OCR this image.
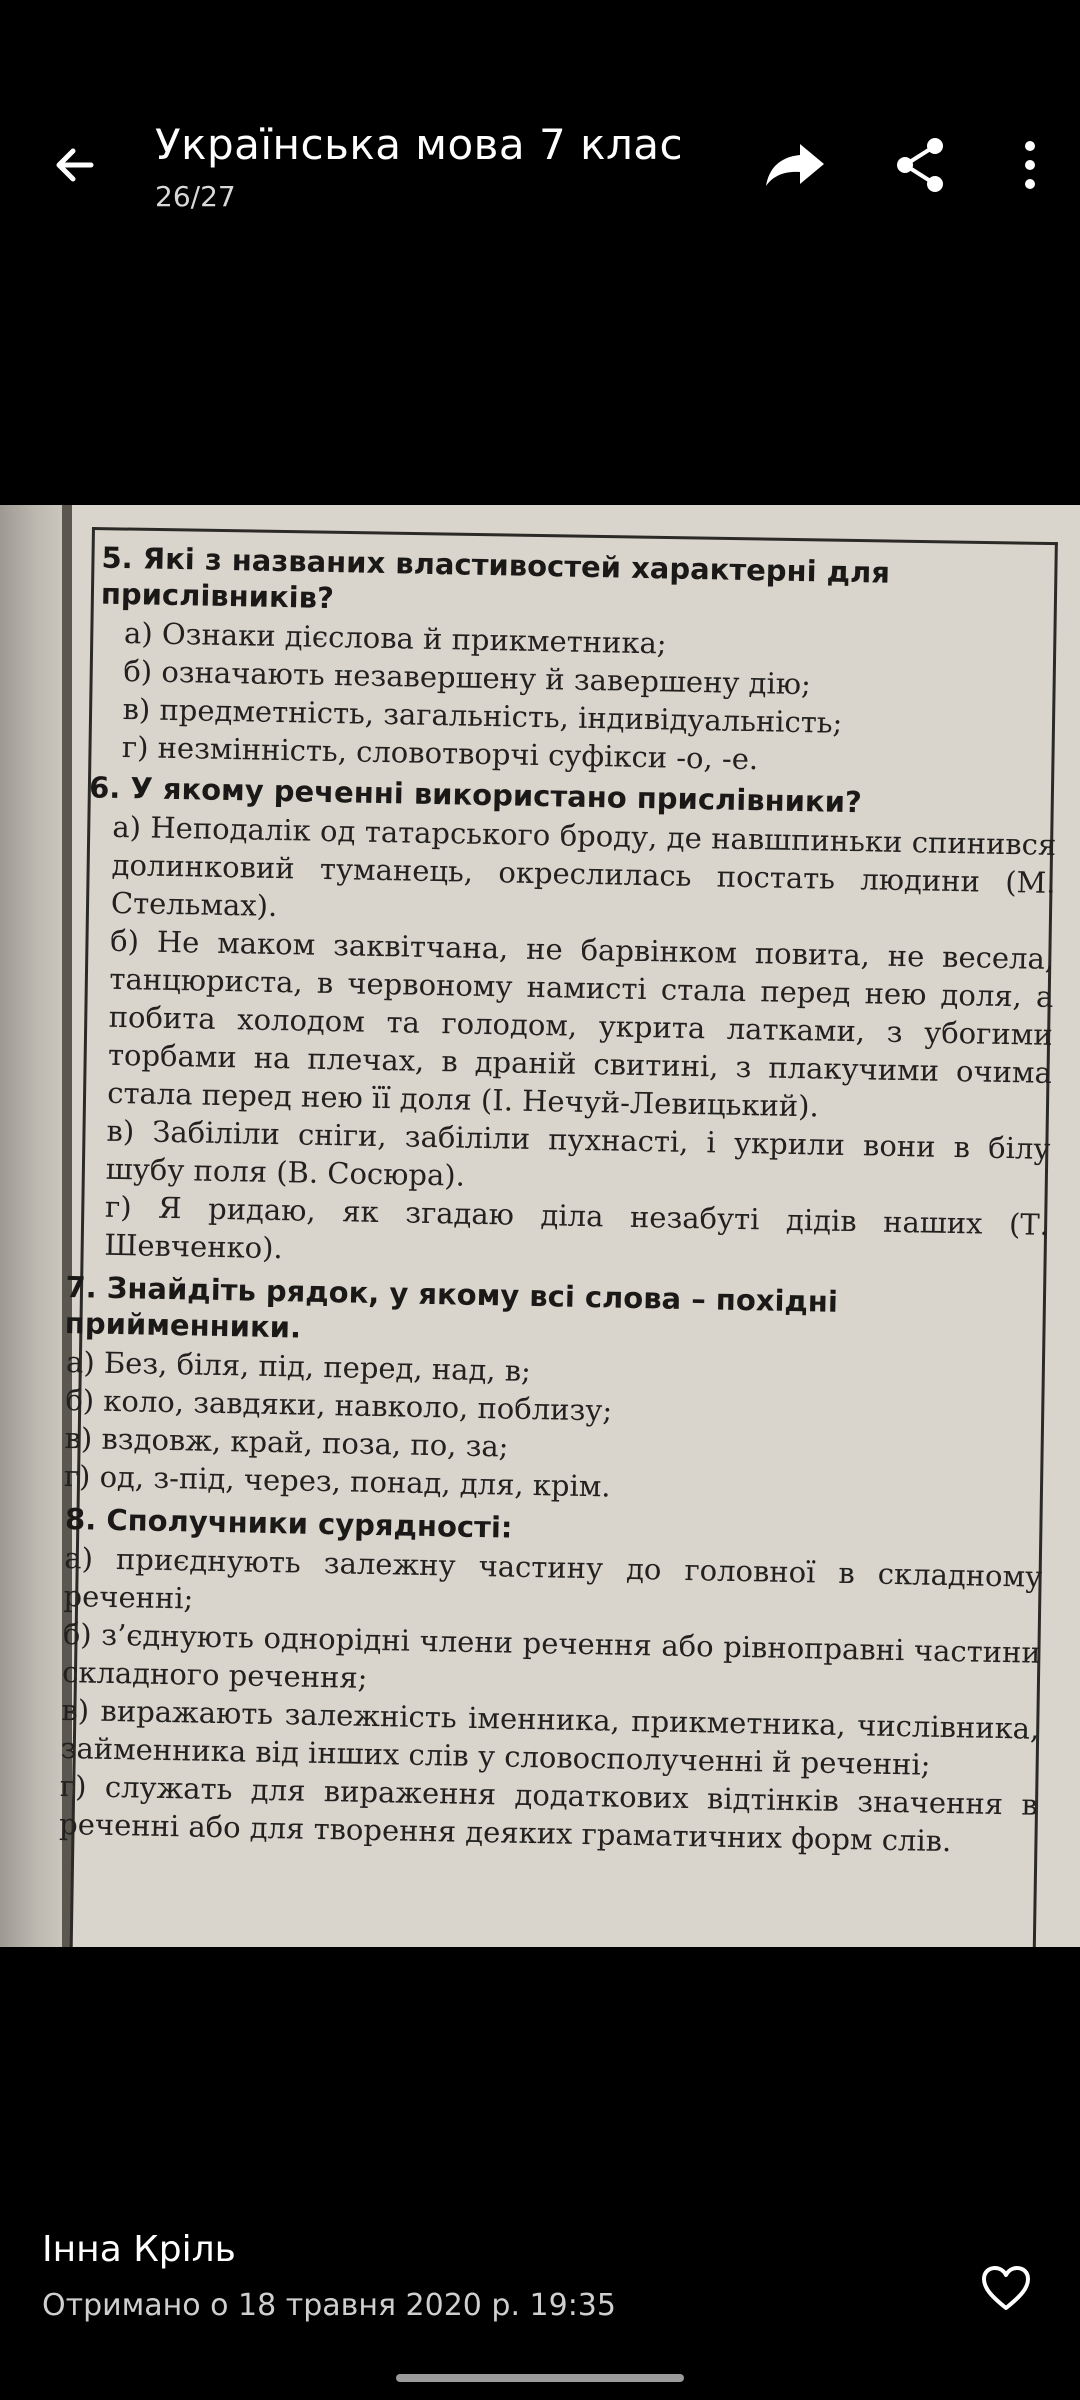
Українська мова 7 клас
26/27
5. Які з названих властивостей характерні для прислівників?
а) Ознаки дієслова й прикметника;
б) означають незавершену й завершену дію;
в) предметність, загальність, індивідуальність;
г) незмінність, словотворчі суфікси -о, -е.
6. У якому реченні використано прислівники?
а) Неподалік од татарського броду, де навшпиньки спинився долинковий туманець, окреслилась постать людини (М. Стельмах).
б) Не маком заквітчана, не барвінком повита, не весела, танцюриста, в червоному намисті стала перед нею доля, а побита холодом та голодом, укрита латками, з убогими торбами на плечах, в драній свитині, з плакучими очима стала перед нею її доля (І. Нечуй-Левицький).
в) Забіліли сніги, забіліли пухнасті, і укрили вони в білу шубу поля (В. Сосюра).
г) Я ридаю, як згадаю діла незабуті дідів наших (Т. Шевченко).
7. Знайдіть рядок, у якому всі слова – похідні прийменники.
а) Без, біля, під, перед, над, в;
б) коло, завдяки, навколо, поблизу;
в) вздовж, край, поза, по, за;
г) од, з-під, через, понад, для, крім.
8. Сполучники сурядності:
а) приєднують залежну частину до головної в складному реченні;
б) з’єднують однорідні члени речення або рівноправні частини складного речення;
в) виражають залежність іменника, прикметника, числівника, займенника від інших слів у словосполученні й реченні;
г) служать для вираження додаткових відтінків значення в реченні або для творення деяких граматичних форм слів.
Інна Кріль
Отримано о 18 травня 2020 р. 19:35
